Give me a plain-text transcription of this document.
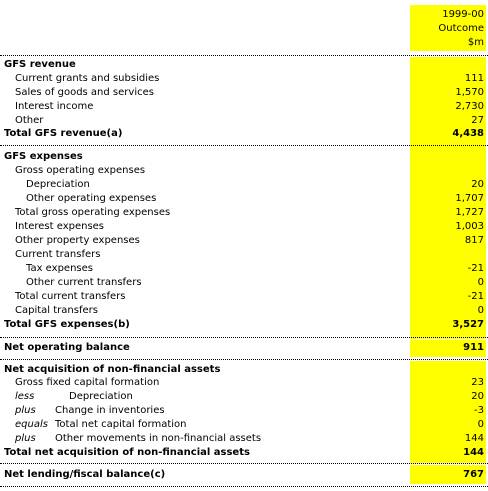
1999-00
Outcome
$m
GFS revenue
Current grants and subsidies	111
Sales of goods and services	1,570
Interest income	2,730
Other	27
Total GFS revenue(a)	4,438
GFS expenses
Gross operating expenses
Depreciation	20
Other operating expenses	1,707
Total gross operating expenses	1,727
Interest expenses	1,003
Other property expenses	817
Current transfers
Tax expenses	-21
Other current transfers	0
Total current transfers	-21
Capital transfers	0
Total GFS expenses(b)	3,527
Net operating balance	911
Net acquisition of non-financial assets
Gross fixed capital formation	23
less	Depreciation	20
plus Change in inventories	-3
equals Total net capital formation	0
plus Other movements in non-financial assets	144
Total net acquisition of non-financial assets	144
Net lending/fiscal balance(c)	767
